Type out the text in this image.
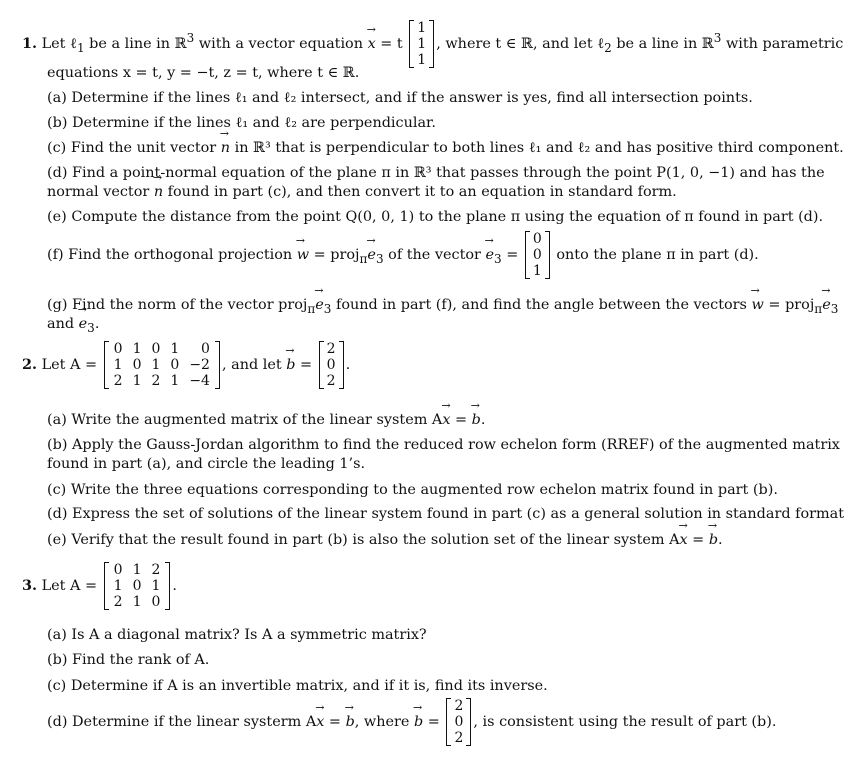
1. Let ℓ$_1$ be a line in ℝ$^3$ with a vector equation → x = t
1
1
1
, where t ∈ ℝ, and let ℓ$_2$ be a line in ℝ$^3$ with parametric
equations x = t, y = −t, z = t, where t ∈ ℝ.
(a) Determine if the lines ℓ₁ and ℓ₂ intersect, and if the answer is yes, find all intersection points.
(b) Determine if the lines ℓ₁ and ℓ₂ are perpendicular.
(c) Find the unit vector → n in ℝ³ that is perpendicular to both lines ℓ₁ and ℓ₂ and has positive third component.
(d) Find a point-normal equation of the plane π in ℝ³ that passes through the point P(1, 0, −1) and has the
normal vector → n found in part (c), and then convert it to an equation in standard form.
(e) Compute the distance from the point Q(0, 0, 1) to the plane π using the equation of π found in part (d).
(f) Find the orthogonal projection → w = proj$_\pi$→ $e_3$ of the vector → $e_3$ =
0
0
1
onto the plane π in part (d).
(g) Find the norm of the vector proj$_\pi$→ $e_3$ found in part (f), and find the angle between the vectors → w = proj$_\pi$→ $e_3$
and → $e_3$.
2. Let A =
0	1	0	1	0
1	0	1	0	−2
2	1	2	1	−4
, and let → b =
2
0
2
.
(a) Write the augmented matrix of the linear system A→ x = → b.
(b) Apply the Gauss-Jordan algorithm to find the reduced row echelon form (RREF) of the augmented matrix
found in part (a), and circle the leading 1’s.
(c) Write the three equations corresponding to the augmented row echelon matrix found in part (b).
(d) Express the set of solutions of the linear system found in part (c) as a general solution in standard format
(e) Verify that the result found in part (b) is also the solution set of the linear system A→ x = → b.
3. Let A =
0	1	2
1	0	1
2	1	0
.
(a) Is A a diagonal matrix? Is A a symmetric matrix?
(b) Find the rank of A.
(c) Determine if A is an invertible matrix, and if it is, find its inverse.
(d) Determine if the linear systerm A→ x = → b, where → b =
2
0
2
, is consistent using the result of part (b).
